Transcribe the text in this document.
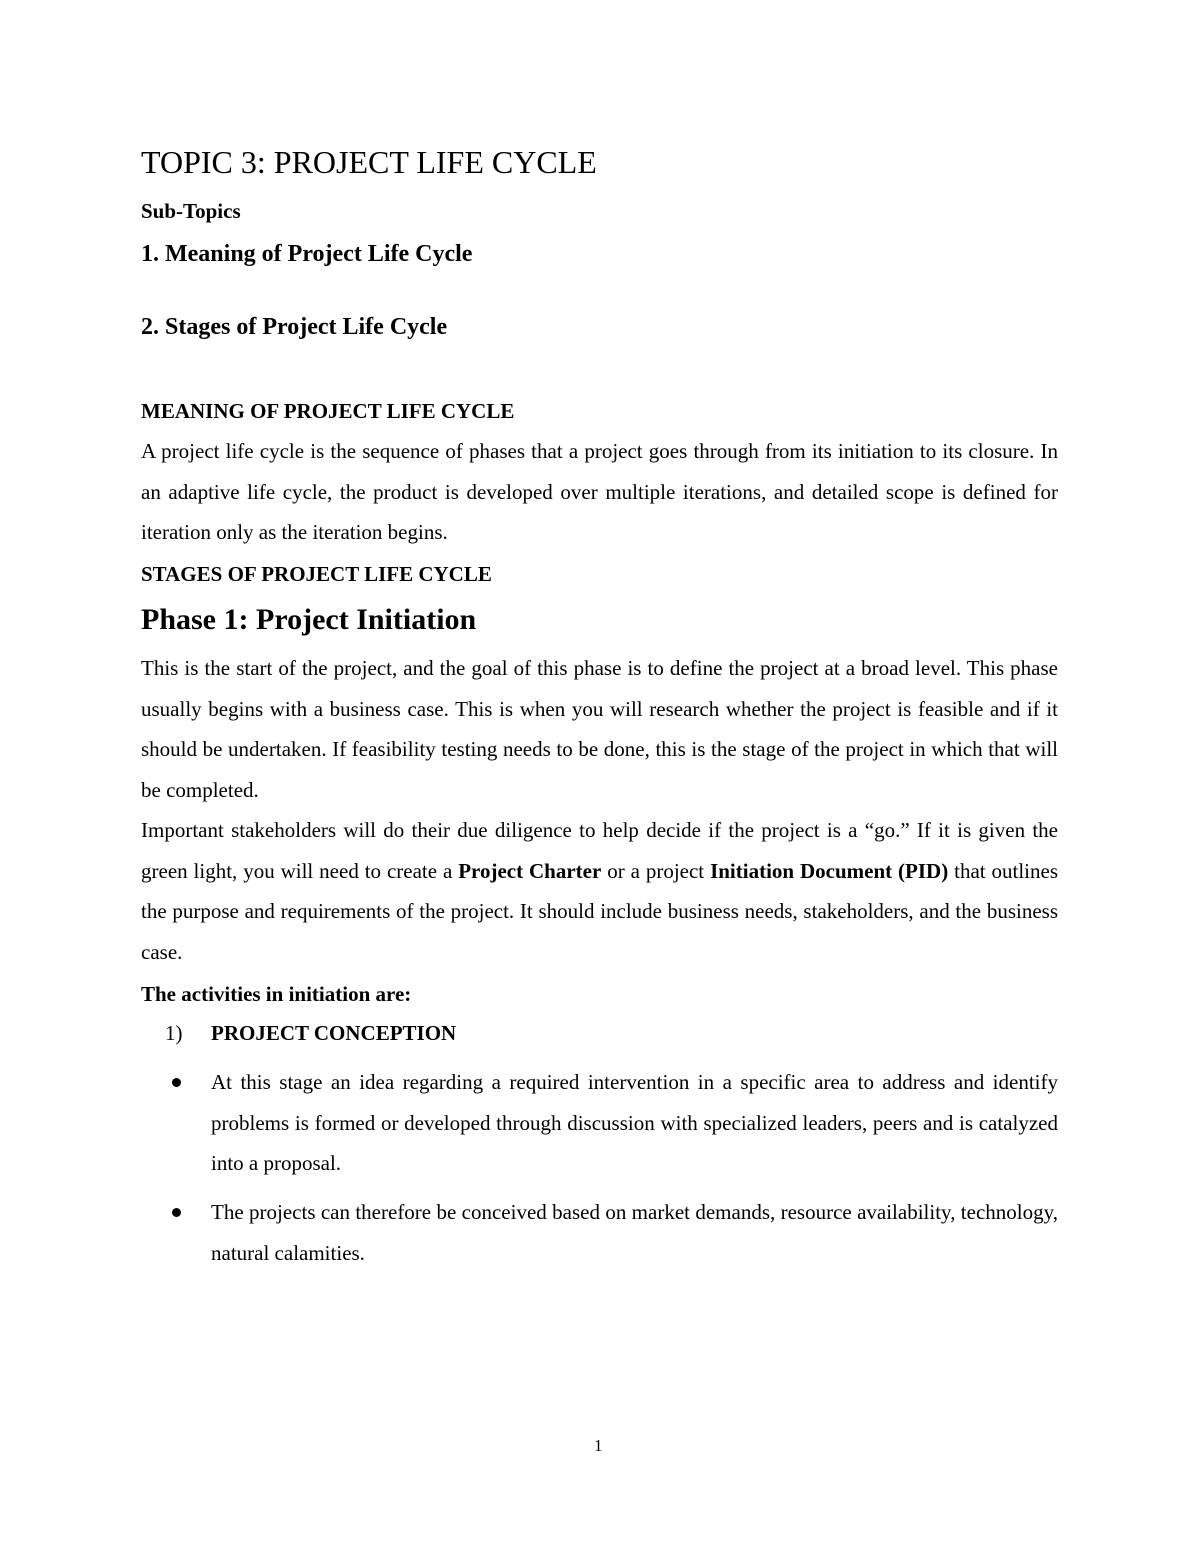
TOPIC 3: PROJECT LIFE CYCLE
Sub-Topics
1. Meaning of Project Life Cycle
2. Stages of Project Life Cycle
MEANING OF PROJECT LIFE CYCLE

A project life cycle is the sequence of phases that a project goes through from its initiation to its closure. In an adaptive life cycle, the product is developed over multiple iterations, and detailed scope is defined for iteration only as the iteration begins.

STAGES OF PROJECT LIFE CYCLE
Phase 1: Project Initiation

This is the start of the project, and the goal of this phase is to define the project at a broad level. This phase usually begins with a business case. This is when you will research whether the project is feasible and if it should be undertaken. If feasibility testing needs to be done, this is the stage of the project in which that will be completed.

Important stakeholders will do their due diligence to help decide if the project is a “go.” If it is given the green light, you will need to create a Project Charter or a project Initiation Document (PID) that outlines the purpose and requirements of the project. It should include business needs, stakeholders, and the business case.

The activities in initiation are:
1) PROJECT CONCEPTION

At this stage an idea regarding a required intervention in a specific area to address and identify problems is formed or developed through discussion with specialized leaders, peers and is catalyzed into a proposal.

The projects can therefore be conceived based on market demands, resource availability, technology, natural calamities.

1
